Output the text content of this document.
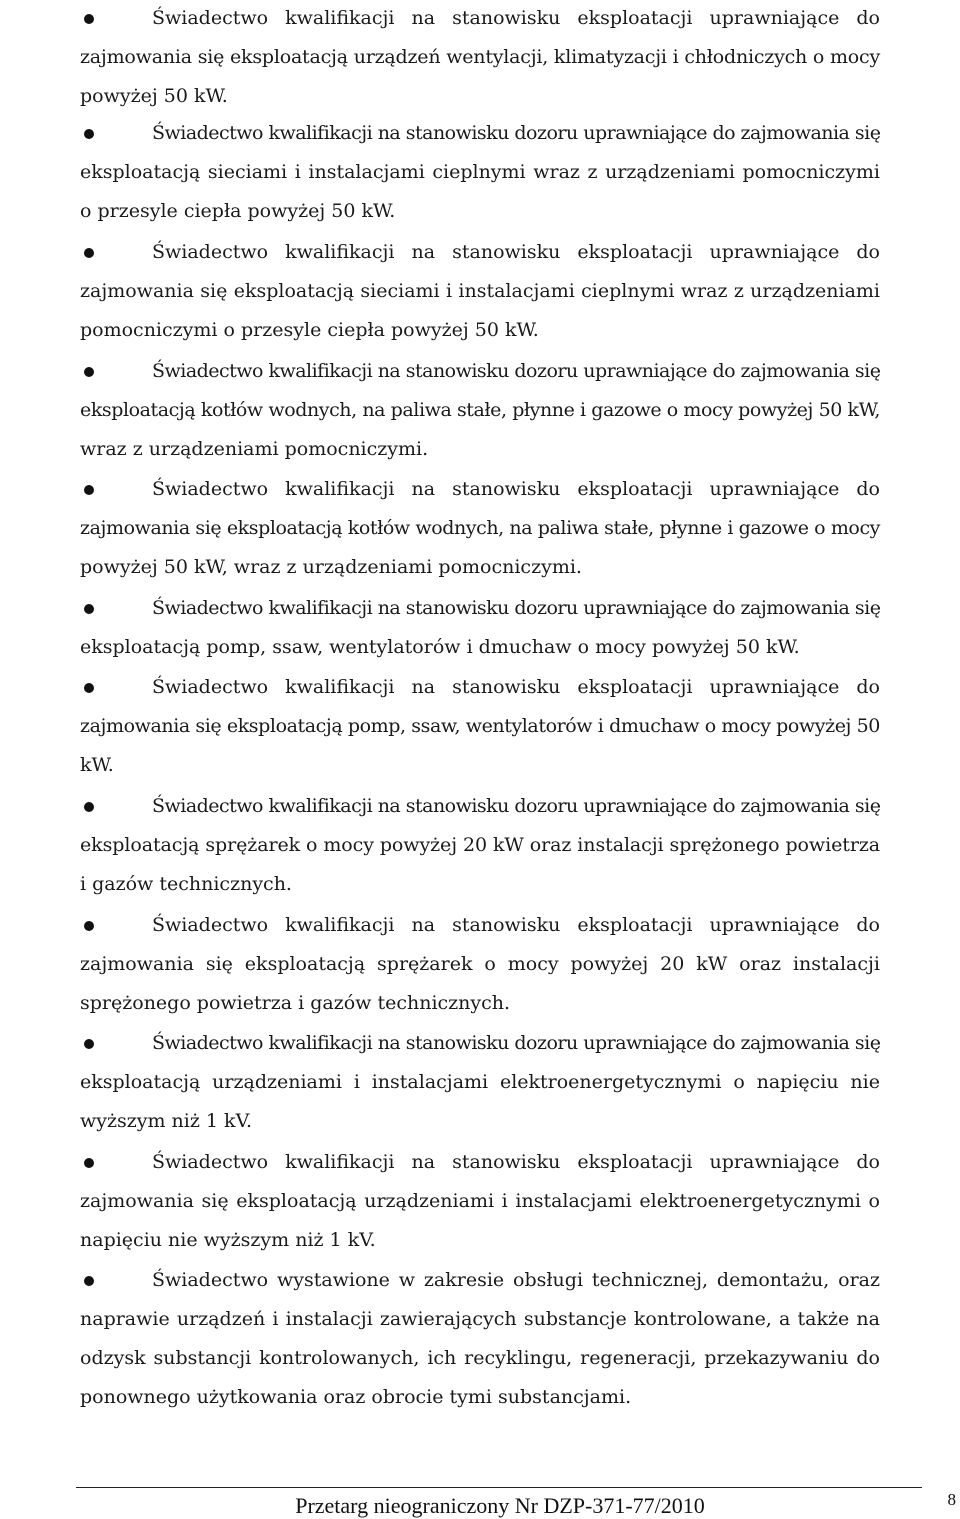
Świadectwo kwalifikacji na stanowisku eksploatacji uprawniające do
zajmowania się eksploatacją urządzeń wentylacji, klimatyzacji i chłodniczych o mocy
powyżej 50 kW.

Świadectwo kwalifikacji na stanowisku dozoru uprawniające do zajmowania się
eksploatacją sieciami i instalacjami cieplnymi wraz z urządzeniami pomocniczymi
o przesyle ciepła powyżej 50 kW.

Świadectwo kwalifikacji na stanowisku eksploatacji uprawniające do
zajmowania się eksploatacją sieciami i instalacjami cieplnymi wraz z urządzeniami
pomocniczymi o przesyle ciepła powyżej 50 kW.

Świadectwo kwalifikacji na stanowisku dozoru uprawniające do zajmowania się
eksploatacją kotłów wodnych, na paliwa stałe, płynne i gazowe o mocy powyżej 50 kW,
wraz z urządzeniami pomocniczymi.

Świadectwo kwalifikacji na stanowisku eksploatacji uprawniające do
zajmowania się eksploatacją kotłów wodnych, na paliwa stałe, płynne i gazowe o mocy
powyżej 50 kW, wraz z urządzeniami pomocniczymi.

Świadectwo kwalifikacji na stanowisku dozoru uprawniające do zajmowania się
eksploatacją pomp, ssaw, wentylatorów i dmuchaw o mocy powyżej 50 kW.

Świadectwo kwalifikacji na stanowisku eksploatacji uprawniające do
zajmowania się eksploatacją pomp, ssaw, wentylatorów i dmuchaw o mocy powyżej 50
kW.

Świadectwo kwalifikacji na stanowisku dozoru uprawniające do zajmowania się
eksploatacją sprężarek o mocy powyżej 20 kW oraz instalacji sprężonego powietrza
i gazów technicznych.

Świadectwo kwalifikacji na stanowisku eksploatacji uprawniające do
zajmowania się eksploatacją sprężarek o mocy powyżej 20 kW oraz instalacji
sprężonego powietrza i gazów technicznych.

Świadectwo kwalifikacji na stanowisku dozoru uprawniające do zajmowania się
eksploatacją urządzeniami i instalacjami elektroenergetycznymi o napięciu nie
wyższym niż 1 kV.

Świadectwo kwalifikacji na stanowisku eksploatacji uprawniające do
zajmowania się eksploatacją urządzeniami i instalacjami elektroenergetycznymi o
napięciu nie wyższym niż 1 kV.

Świadectwo wystawione w zakresie obsługi technicznej, demontażu, oraz
naprawie urządzeń i instalacji zawierających substancje kontrolowane, a także na
odzysk substancji kontrolowanych, ich recyklingu, regeneracji, przekazywaniu do
ponownego użytkowania oraz obrocie tymi substancjami.

Przetarg nieograniczony Nr DZP-371-77/2010	8
